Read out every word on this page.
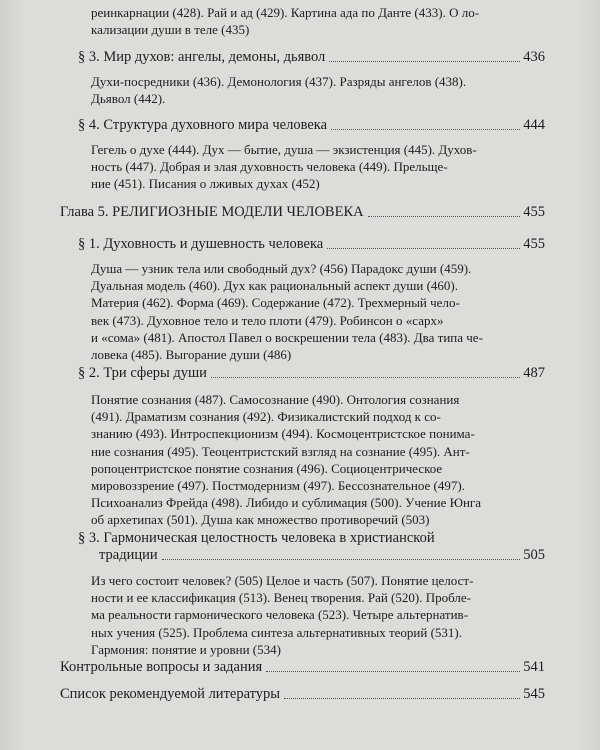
реинкарнации (428). Рай и ад (429). Картина ада по Данте (433). О ло-
кализации души в теле (435)
§ 3. Мир духов: ангелы, демоны, дьявол	436
Духи-посредники (436). Демонология (437). Разряды ангелов (438).
Дьявол (442).
§ 4. Структура духовного мира человека	444
Гегель о духе (444). Дух — бытие, душа — экзистенция (445). Духов-
ность (447). Добрая и злая духовность человека (449). Прельще-
ние (451). Писания о лживых духах (452)
Глава 5. РЕЛИГИОЗНЫЕ МОДЕЛИ ЧЕЛОВЕКА	455
§ 1. Духовность и душевность человека	455
Душа — узник тела или свободный дух? (456) Парадокс души (459).
Дуальная модель (460). Дух как рациональный аспект души (460).
Материя (462). Форма (469). Содержание (472). Трехмерный чело-
век (473). Духовное тело и тело плоти (479). Робинсон о «сарх»
и «сома» (481). Апостол Павел о воскрешении тела (483). Два типа че-
ловека (485). Выгорание души (486)
§ 2. Три сферы души	487
Понятие сознания (487). Самосознание (490). Онтология сознания
(491). Драматизм сознания (492). Физикалистский подход к со-
знанию (493). Интроспекционизм (494). Космоцентристское понима-
ние сознания (495). Теоцентристский взгляд на сознание (495). Ант-
ропоцентристское понятие сознания (496). Социоцентрическое
мировоззрение (497). Постмодернизм (497). Бессознательное (497).
Психоанализ Фрейда (498). Либидо и сублимация (500). Учение Юнга
об архетипах (501). Душа как множество противоречий (503)
§ 3. Гармоническая целостность человека в христианской
традиции	505
Из чего состоит человек? (505) Целое и часть (507). Понятие целост-
ности и ее классификация (513). Венец творения. Рай (520). Пробле-
ма реальности гармонического человека (523). Четыре альтернатив-
ных учения (525). Проблема синтеза альтернативных теорий (531).
Гармония: понятие и уровни (534)
Контрольные вопросы и задания	541
Список рекомендуемой литературы	545
